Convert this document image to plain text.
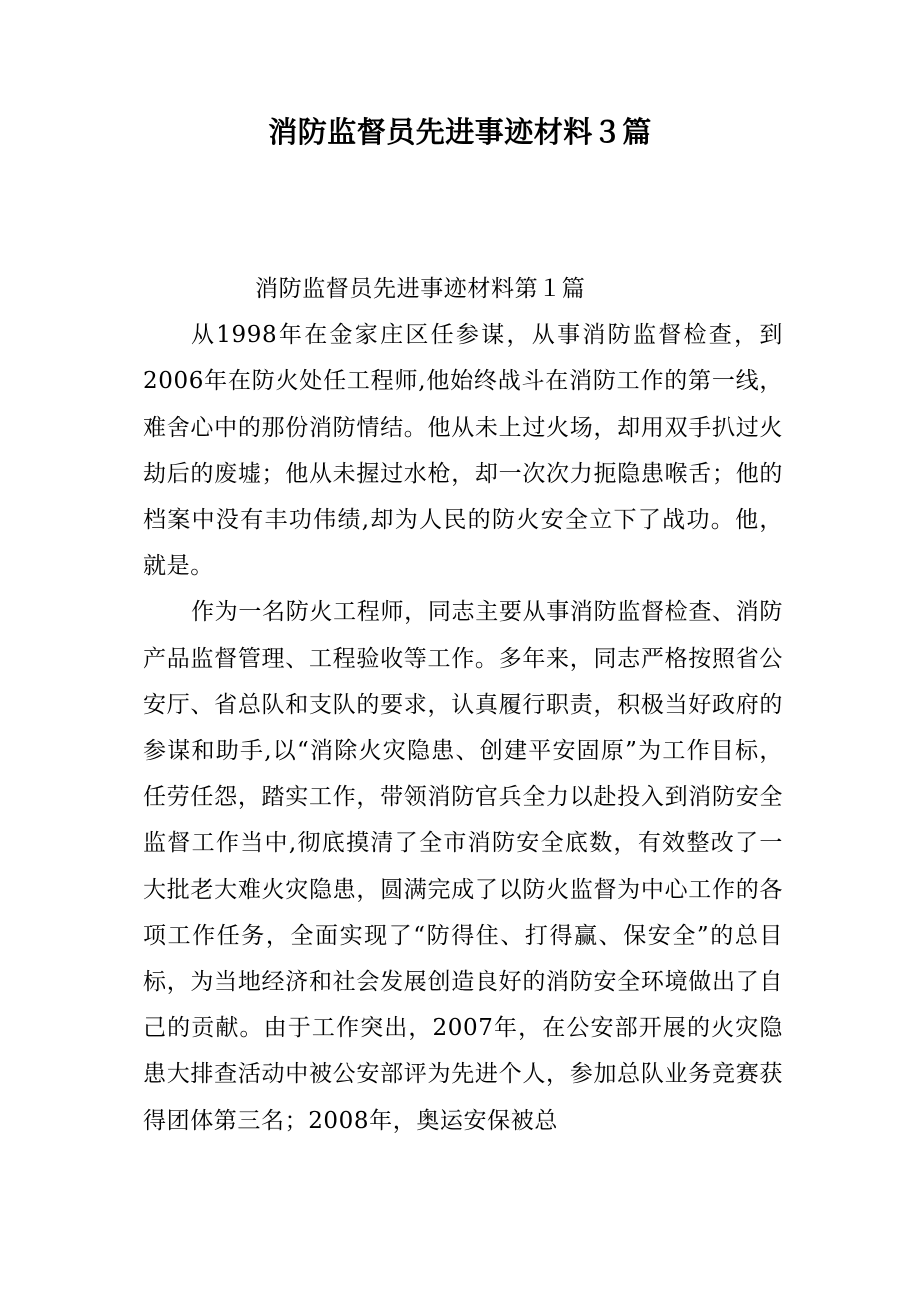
消防监督员先进事迹材料３篇

消防监督员先进事迹材料第１篇

从1998年在金家庄区任参谋，从事消防监督检查，到2006年在防火处任工程师,他始终战斗在消防工作的第一线，难舍心中的那份消防情结。他从未上过火场，却用双手扒过火劫后的废墟；他从未握过水枪，却一次次力扼隐患喉舌；他的档案中没有丰功伟绩,却为人民的防火安全立下了战功。他，就是。

作为一名防火工程师，同志主要从事消防监督检查、消防产品监督管理、工程验收等工作。多年来，同志严格按照省公安厅、省总队和支队的要求，认真履行职责，积极当好政府的参谋和助手,以“消除火灾隐患、创建平安固原”为工作目标，任劳任怨，踏实工作，带领消防官兵全力以赴投入到消防安全监督工作当中,彻底摸清了全市消防安全底数，有效整改了一大批老大难火灾隐患，圆满完成了以防火监督为中心工作的各项工作任务，全面实现了“防得住、打得赢、保安全”的总目标，为当地经济和社会发展创造良好的消防安全环境做出了自己的贡献。由于工作突出，2007年，在公安部开展的火灾隐患大排查活动中被公安部评为先进个人，参加总队业务竞赛获得团体第三名；2008年，奥运安保被总
